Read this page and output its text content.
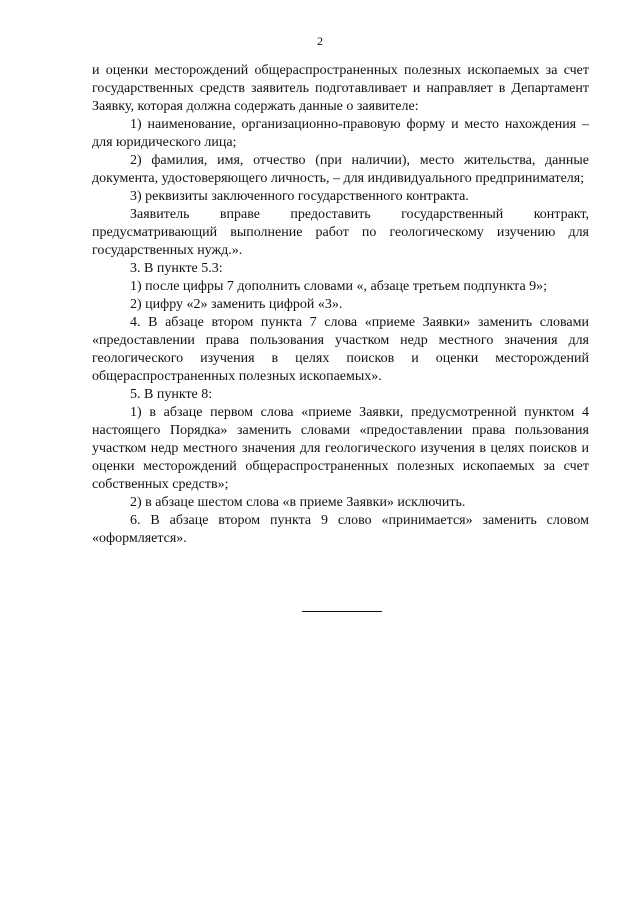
2

и оценки месторождений общераспространенных полезных ископаемых за счет государственных средств заявитель подготавливает и направляет в Департамент Заявку, которая должна содержать данные о заявителе:

1) наименование, организационно-правовую форму и место нахождения – для юридического лица;

2) фамилия, имя, отчество (при наличии), место жительства, данные документа, удостоверяющего личность, – для индивидуального предпринимателя;

3) реквизиты заключенного государственного контракта.

Заявитель вправе предоставить государственный контракт, предусматривающий выполнение работ по геологическому изучению для государственных нужд.».

3. В пункте 5.3:

1) после цифры 7 дополнить словами «, абзаце третьем подпункта 9»;

2) цифру «2» заменить цифрой «3».

4. В абзаце втором пункта 7 слова «приеме Заявки» заменить словами «предоставлении права пользования участком недр местного значения для геологического изучения в целях поисков и оценки месторождений общераспространенных полезных ископаемых».

5. В пункте 8:

1) в абзаце первом слова «приеме Заявки, предусмотренной пунктом 4 настоящего Порядка» заменить словами «предоставлении права пользования участком недр местного значения для геологического изучения в целях поисков и оценки месторождений общераспространенных полезных ископаемых за счет собственных средств»;

2) в абзаце шестом слова «в приеме Заявки» исключить.

6. В абзаце втором пункта 9 слово «принимается» заменить словом «оформляется».
